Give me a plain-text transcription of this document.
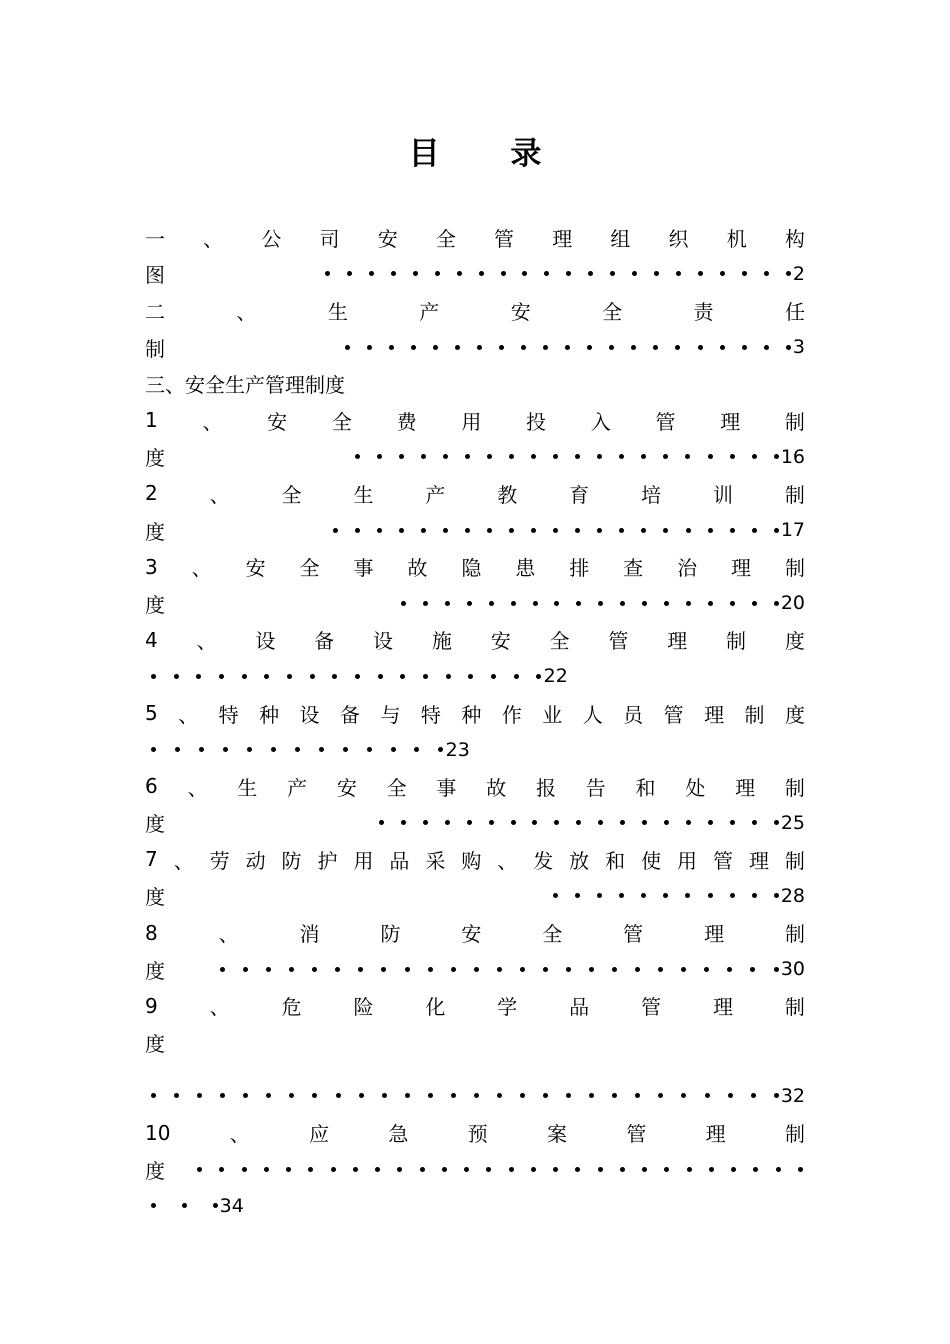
目 录
一 、 公 司 安 全 管 理 组 织 机 构
图	2
二	、	生	产	安	全	责	任
制	3
三、安全生产管理制度
1 、 安 全 费 用 投 入 管 理 制
度	16
2	、	全	生	产	教	育	培	训	制
度	17
3 、 安 全 事 故 隐 患 排 查 治 理 制
度	20
4 、 设 备 设 施 安 全 管 理 制 度
22
5 、 特 种 设 备 与 特 种 作 业 人 员 管 理 制 度
23
6 、 生 产 安 全 事 故 报 告 和 处 理 制
度	25
7 、 劳 动 防 护 用 品 采 购 、 发 放 和 使 用 管 理 制
度	28
8	、	消	防	安	全	管	理	制
度	30
9	、	危	险	化	学	品	管	理	制
度
32
10	、	应	急	预	案	管	理	制
度
34
